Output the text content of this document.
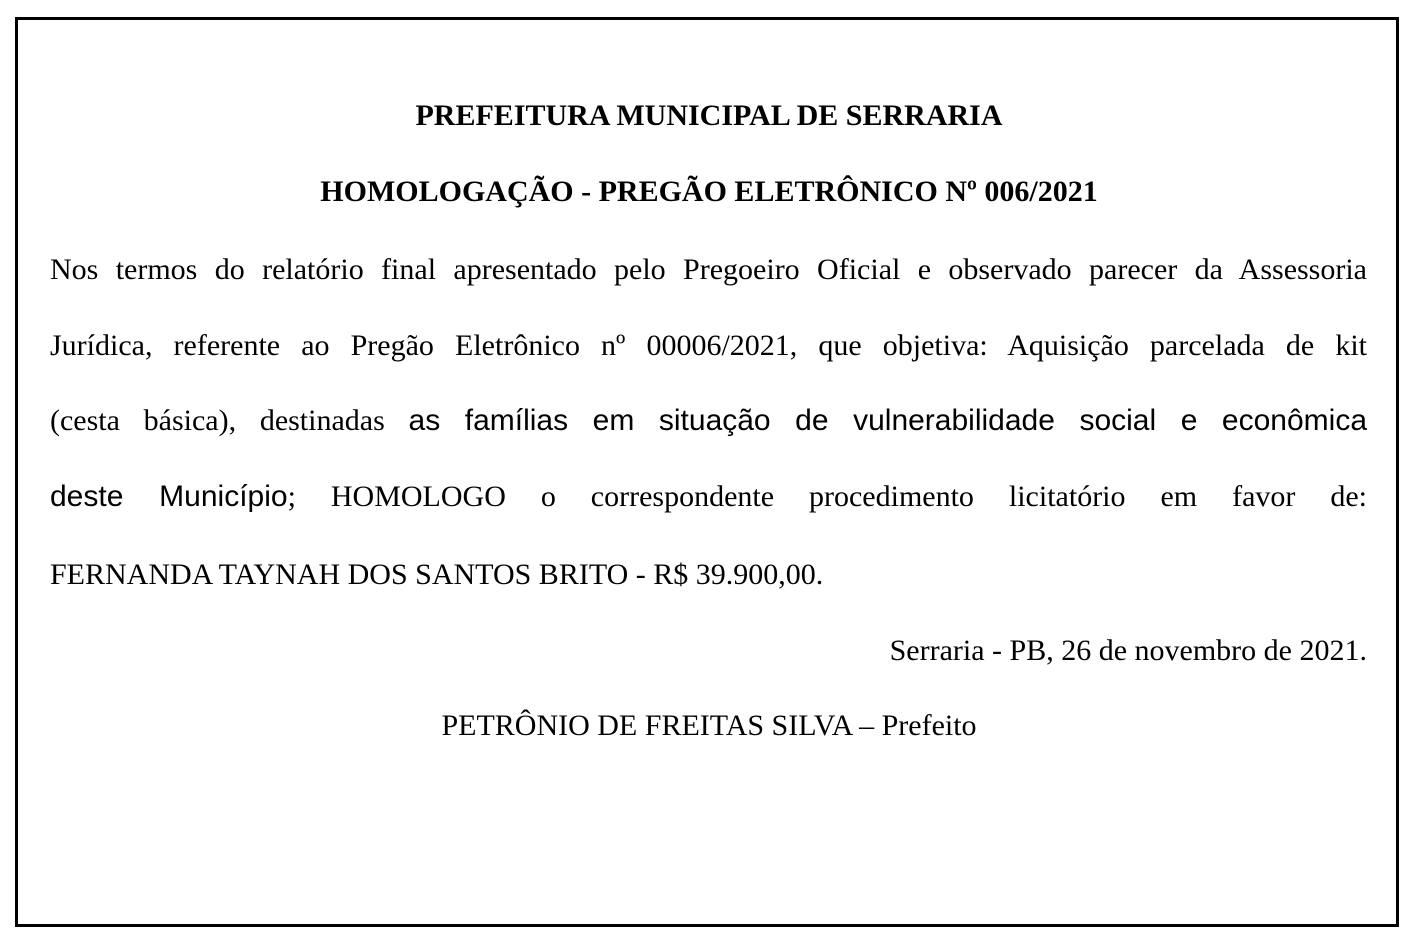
PREFEITURA MUNICIPAL DE SERRARIA
HOMOLOGAÇÃO - PREGÃO ELETRÔNICO Nº 006/2021
Nos termos do relatório final apresentado pelo Pregoeiro Oficial e observado parecer da Assessoria
Jurídica, referente ao Pregão Eletrônico nº 00006/2021, que objetiva: Aquisição parcelada de kit
(cesta básica), destinadas as famílias em situação de vulnerabilidade social e econômica
deste Município; HOMOLOGO o correspondente procedimento licitatório em favor de:
FERNANDA TAYNAH DOS SANTOS BRITO - R$ 39.900,00.
Serraria - PB, 26 de novembro de 2021.
PETRÔNIO DE FREITAS SILVA – Prefeito
